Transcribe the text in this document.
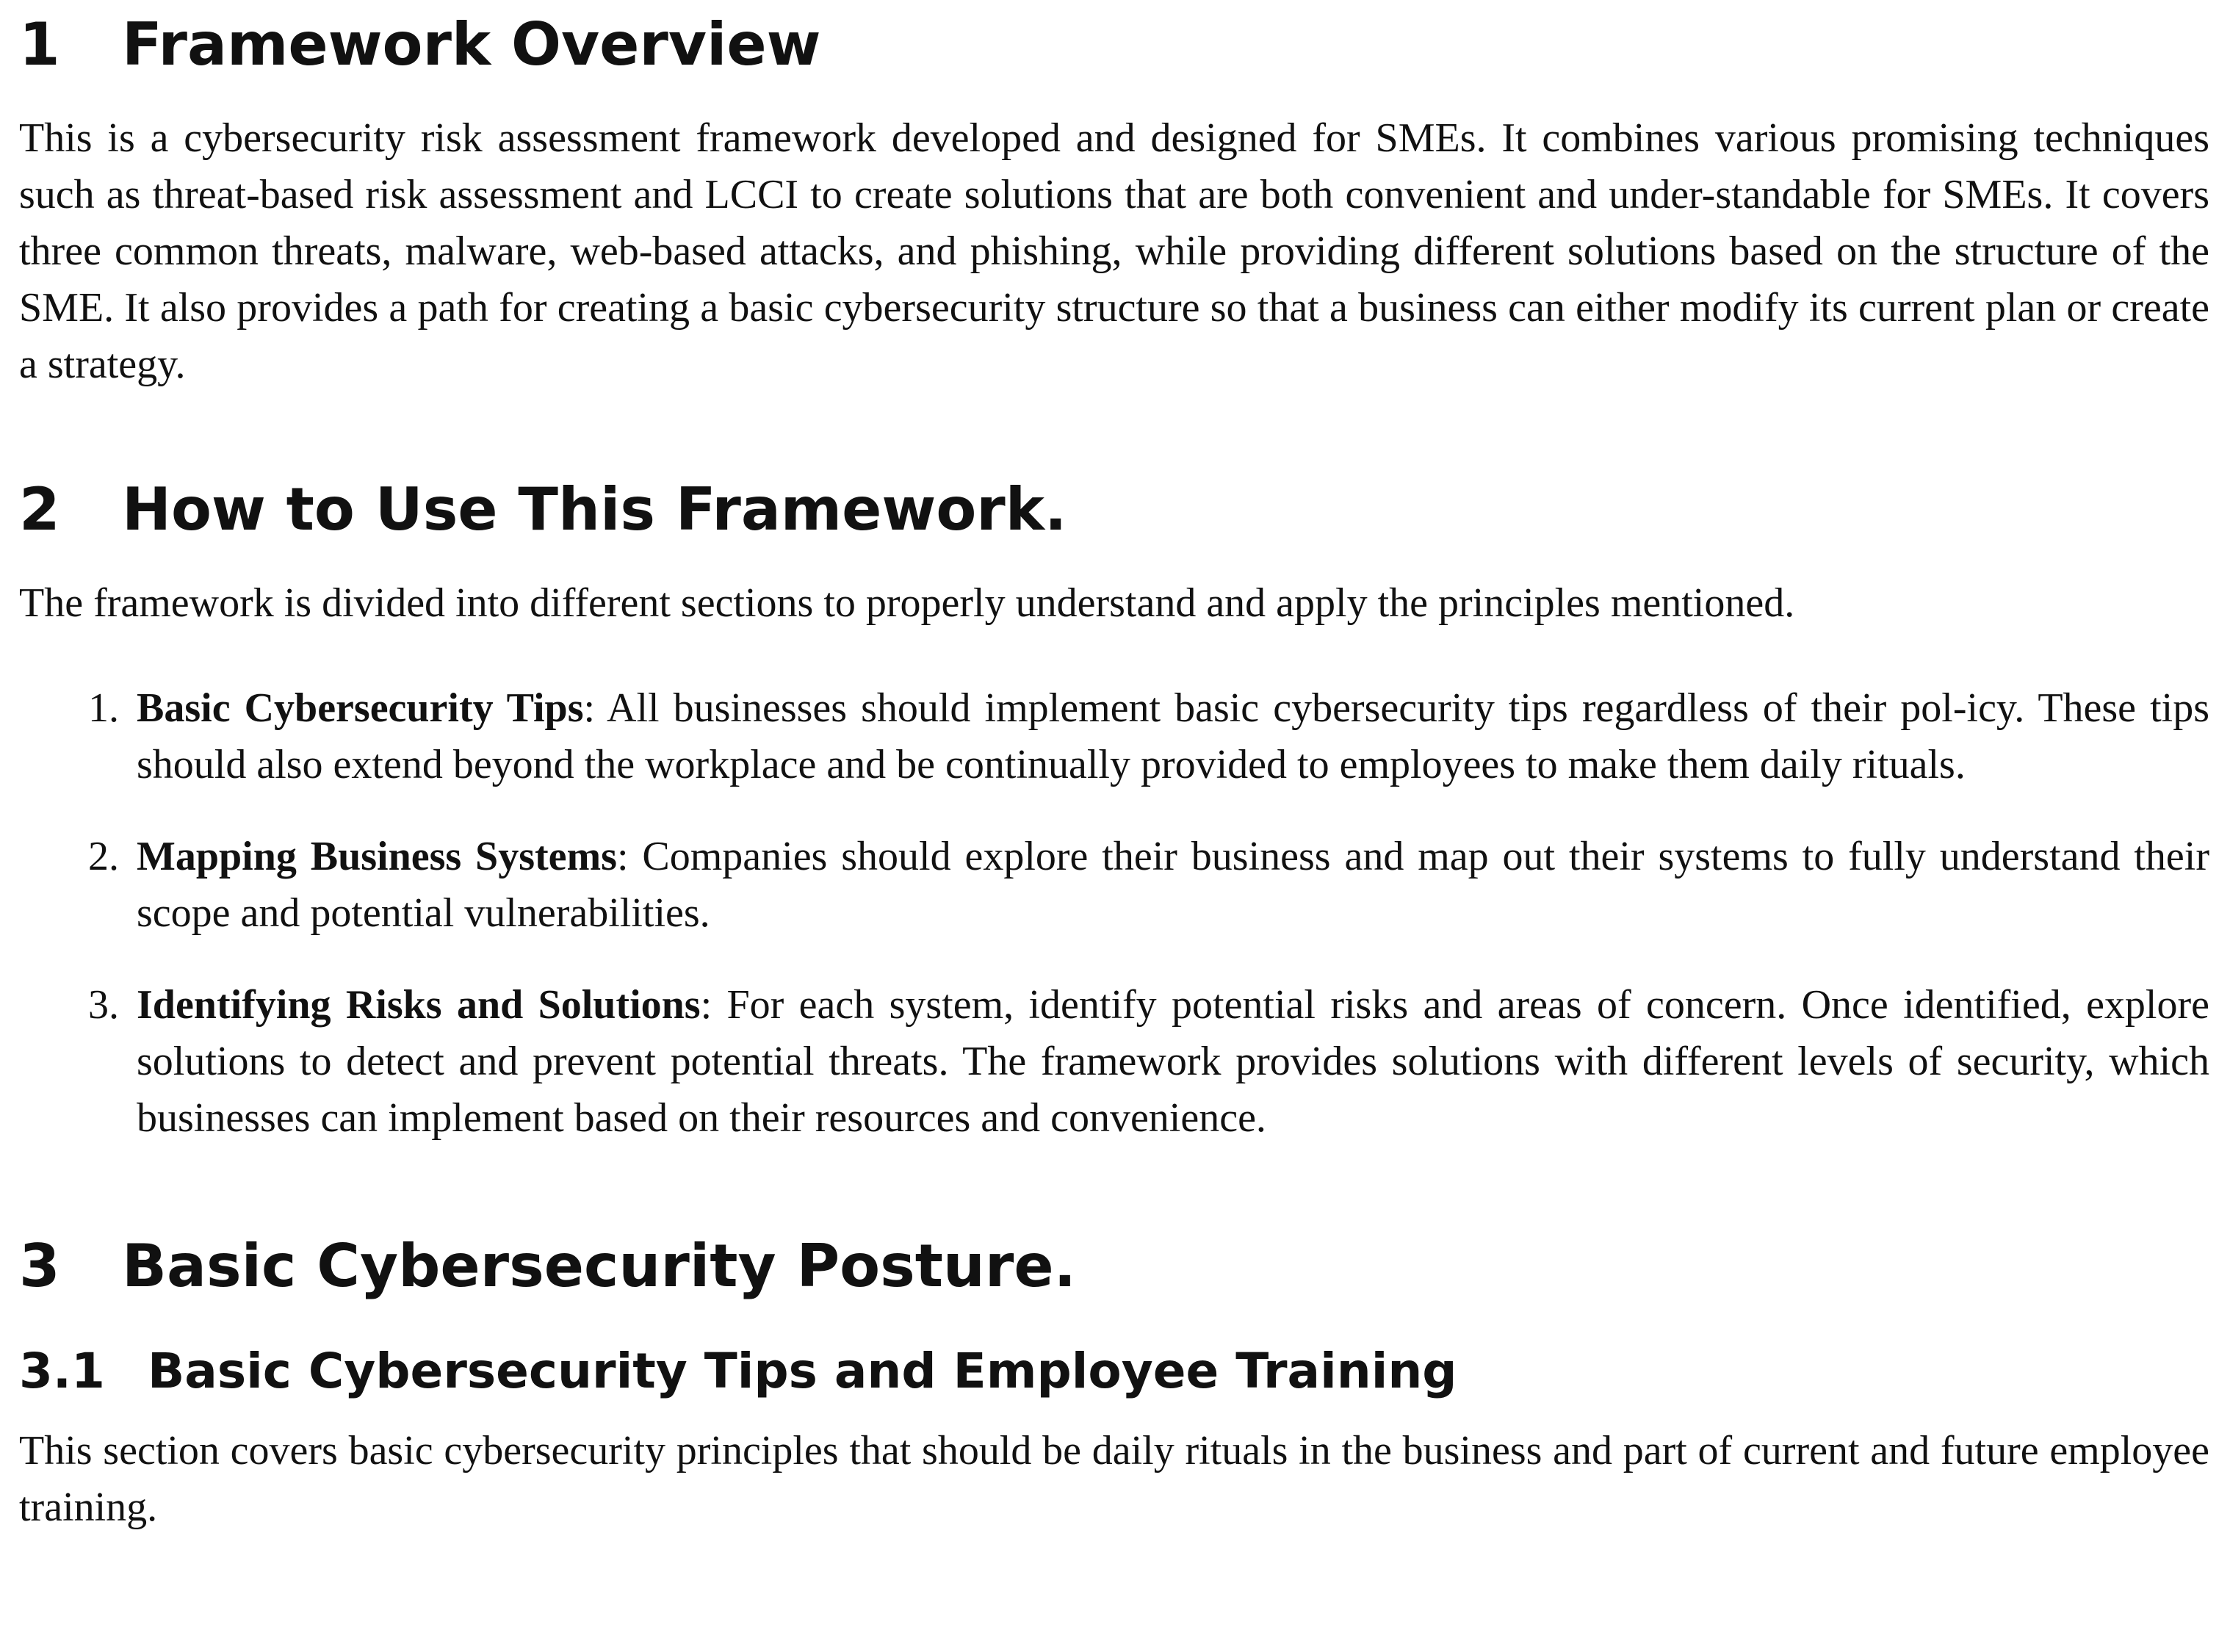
1	Framework Overview

This is a cybersecurity risk assessment framework developed and designed for SMEs. It combines various promising techniques such as threat-based risk assessment and LCCI to create solutions that are both convenient and under-standable for SMEs. It covers three common threats, malware, web-based attacks, and phishing, while providing different solutions based on the structure of the SME. It also provides a path for creating a basic cybersecurity structure so that a business can either modify its current plan or create a strategy.

2	How to Use This Framework.

The framework is divided into different sections to properly understand and apply the principles mentioned.

1. Basic Cybersecurity Tips: All businesses should implement basic cybersecurity tips regardless of their pol-icy. These tips should also extend beyond the workplace and be continually provided to employees to make them daily rituals.
2. Mapping Business Systems: Companies should explore their business and map out their systems to fully understand their scope and potential vulnerabilities.
3. Identifying Risks and Solutions: For each system, identify potential risks and areas of concern. Once identified, explore solutions to detect and prevent potential threats. The framework provides solutions with different levels of security, which businesses can implement based on their resources and convenience.
3	Basic Cybersecurity Posture.
3.1 Basic Cybersecurity Tips and Employee Training

This section covers basic cybersecurity principles that should be daily rituals in the business and part of current and future employee training.
